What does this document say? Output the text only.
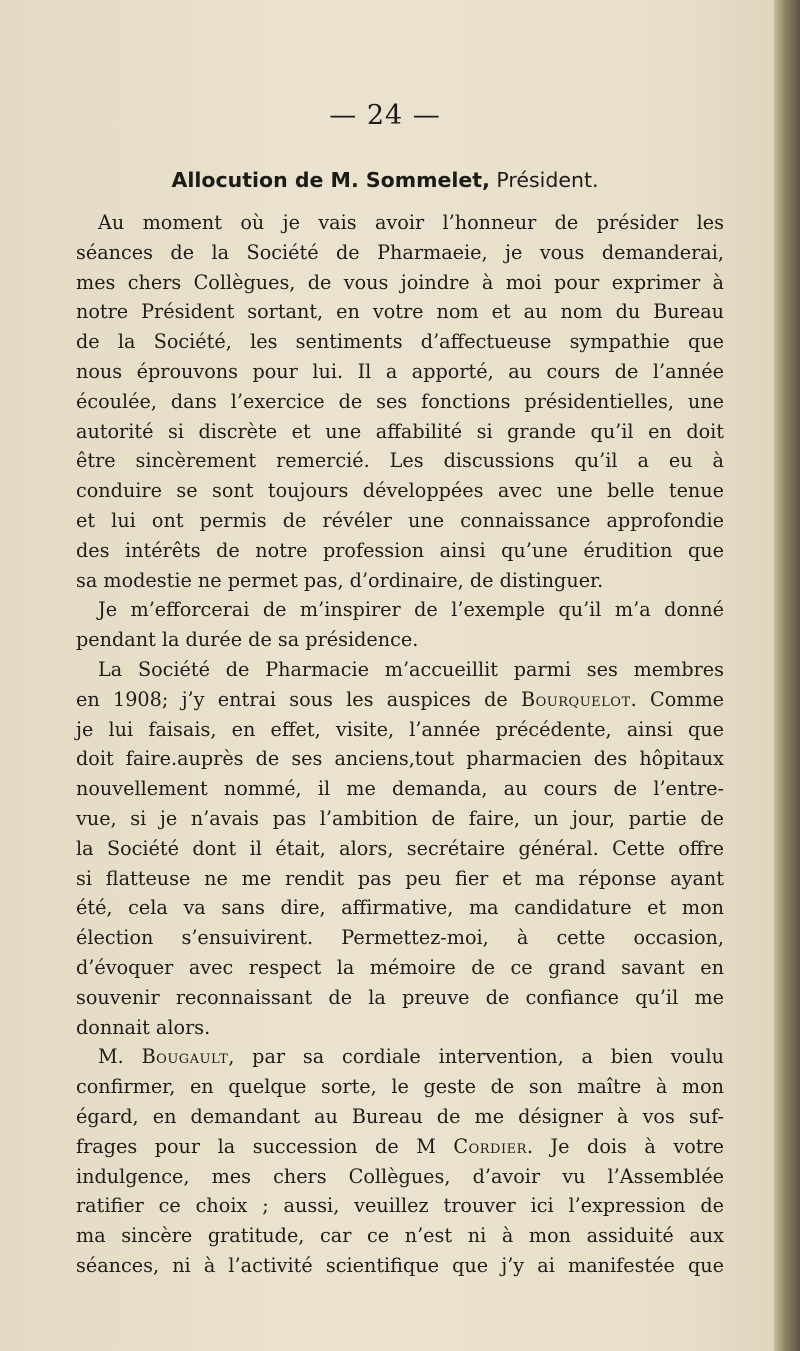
— 24 —
Allocution de M. Sommelet, Président.
Au moment où je vais avoir l’honneur de présider les
séances de la Société de Pharmaeie, je vous demanderai,
mes chers Collègues, de vous joindre à moi pour exprimer à
notre Président sortant, en votre nom et au nom du Bureau
de la Société, les sentiments d’affectueuse sympathie que
nous éprouvons pour lui. Il a apporté, au cours de l’année
écoulée, dans l’exercice de ses fonctions présidentielles, une
autorité si discrète et une affabilité si grande qu’il en doit
être sincèrement remercié. Les discussions qu’il a eu à
conduire se sont toujours développées avec une belle tenue
et lui ont permis de révéler une connaissance approfondie
des intérêts de notre profession ainsi qu’une érudition que
sa modestie ne permet pas, d’ordinaire, de distinguer.
Je m’efforcerai de m’inspirer de l’exemple qu’il m’a donné
pendant la durée de sa présidence.
La Société de Pharmacie m’accueillit parmi ses membres
en 1908; j’y entrai sous les auspices de Bourquelot. Comme
je lui faisais, en effet, visite, l’année précédente, ainsi que
doit faire.auprès de ses anciens,tout pharmacien des hôpitaux
nouvellement nommé, il me demanda, au cours de l’entre-
vue, si je n’avais pas l’ambition de faire, un jour, partie de
la Société dont il était, alors, secrétaire général. Cette offre
si flatteuse ne me rendit pas peu fier et ma réponse ayant
été, cela va sans dire, affirmative, ma candidature et mon
élection s’ensuivirent. Permettez-moi, à cette occasion,
d’évoquer avec respect la mémoire de ce grand savant en
souvenir reconnaissant de la preuve de confiance qu’il me
donnait alors.
M. Bougault, par sa cordiale intervention, a bien voulu
confirmer, en quelque sorte, le geste de son maître à mon
égard, en demandant au Bureau de me désigner à vos suf-
frages pour la succession de M Cordier. Je dois à votre
indulgence, mes chers Collègues, d’avoir vu l’Assemblée
ratifier ce choix ; aussi, veuillez trouver ici l’expression de
ma sincère gratitude, car ce n’est ni à mon assiduité aux
séances, ni à l’activité scientifique que j’y ai manifestée que
